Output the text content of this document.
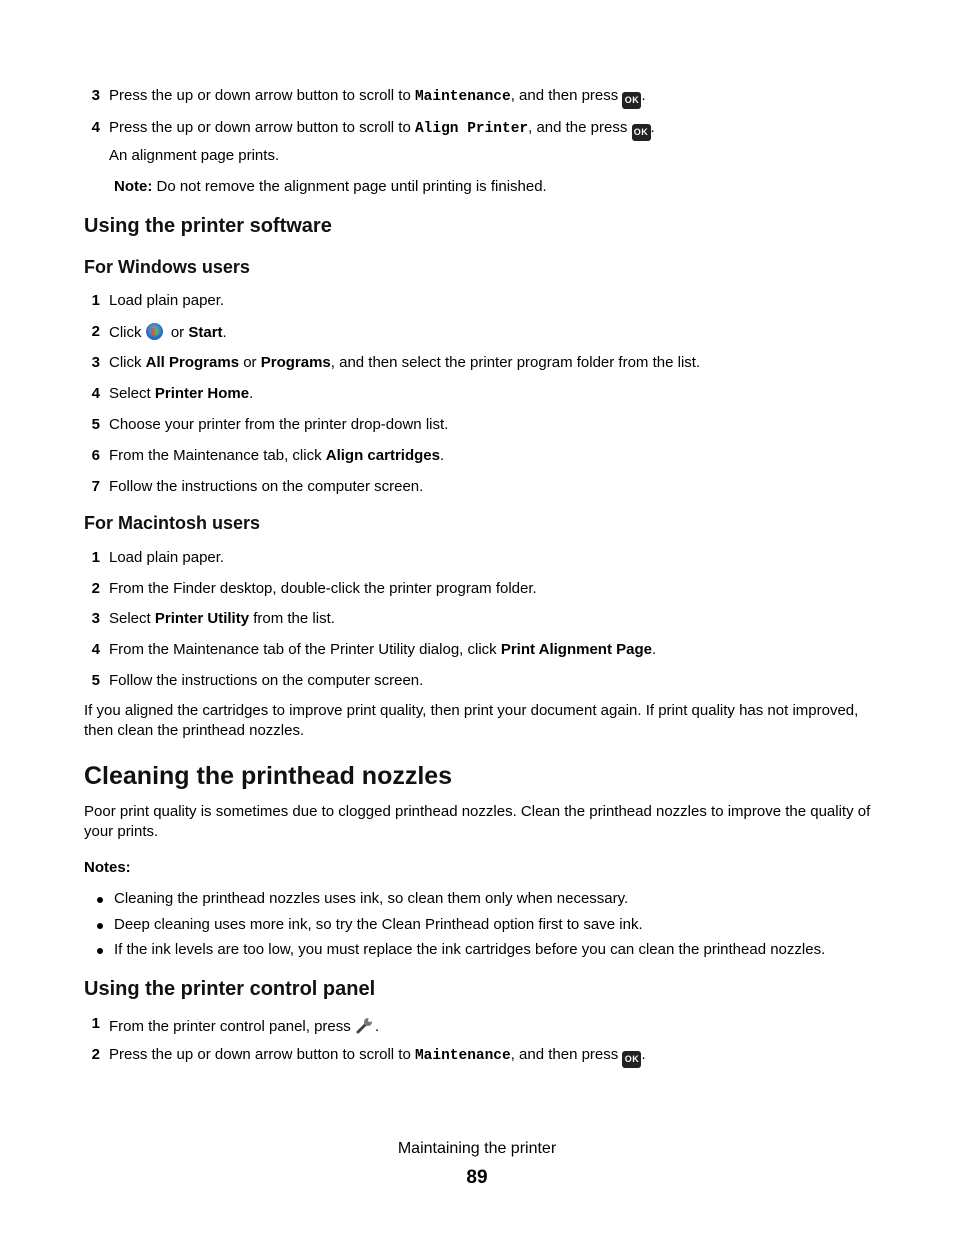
3 Press the up or down arrow button to scroll to Maintenance, and then press OK .
4 Press the up or down arrow button to scroll to Align Printer, and the press OK .
An alignment page prints.
Note: Do not remove the alignment page until printing is finished.
Using the printer software
For Windows users
1 Load plain paper.
2 Click  or Start.
3 Click All Programs or Programs, and then select the printer program folder from the list.
4 Select Printer Home.
5 Choose your printer from the printer drop-down list.
6 From the Maintenance tab, click Align cartridges.
7 Follow the instructions on the computer screen.
For Macintosh users
1 Load plain paper.
2 From the Finder desktop, double-click the printer program folder.
3 Select Printer Utility from the list.
4 From the Maintenance tab of the Printer Utility dialog, click Print Alignment Page.
5 Follow the instructions on the computer screen.
If you aligned the cartridges to improve print quality, then print your document again. If print quality has not improved, then clean the printhead nozzles.
Cleaning the printhead nozzles
Poor print quality is sometimes due to clogged printhead nozzles. Clean the printhead nozzles to improve the quality of your prints.
Notes:
Cleaning the printhead nozzles uses ink, so clean them only when necessary.
Deep cleaning uses more ink, so try the Clean Printhead option first to save ink.
If the ink levels are too low, you must replace the ink cartridges before you can clean the printhead nozzles.
Using the printer control panel
1 From the printer control panel, press .
2 Press the up or down arrow button to scroll to Maintenance, and then press OK .
Maintaining the printer
89
